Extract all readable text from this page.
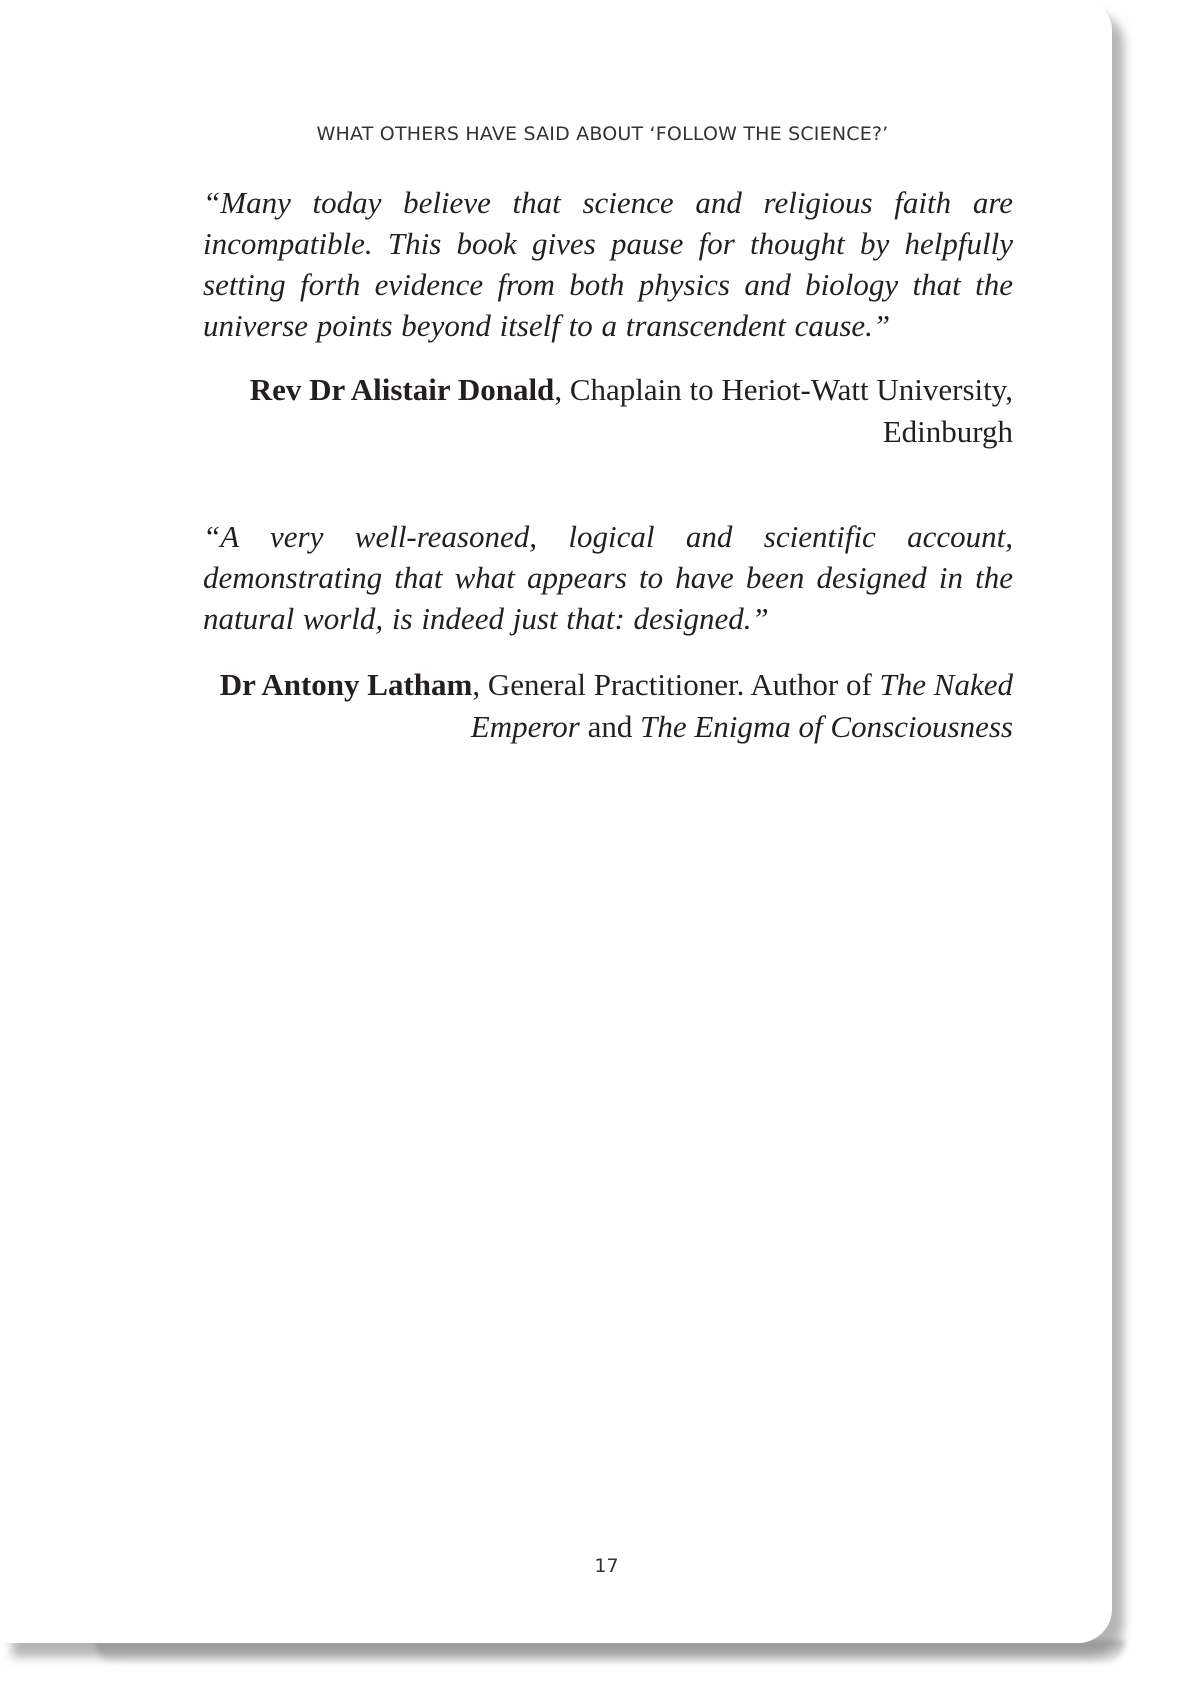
WHAT OTHERS HAVE SAID ABOUT ‘FOLLOW THE SCIENCE?’
“Many today believe that science and religious faith are incompatible. This book gives pause for thought by helpfully setting forth evidence from both physics and biology that the universe points beyond itself to a transcendent cause.”
Rev Dr Alistair Donald, Chaplain to Heriot-Watt University, Edinburgh
“A very well-reasoned, logical and scientific account, demonstrating that what appears to have been designed in the natural world, is indeed just that: designed.”
Dr Antony Latham, General Practitioner. Author of The Naked Emperor and The Enigma of Consciousness
17
